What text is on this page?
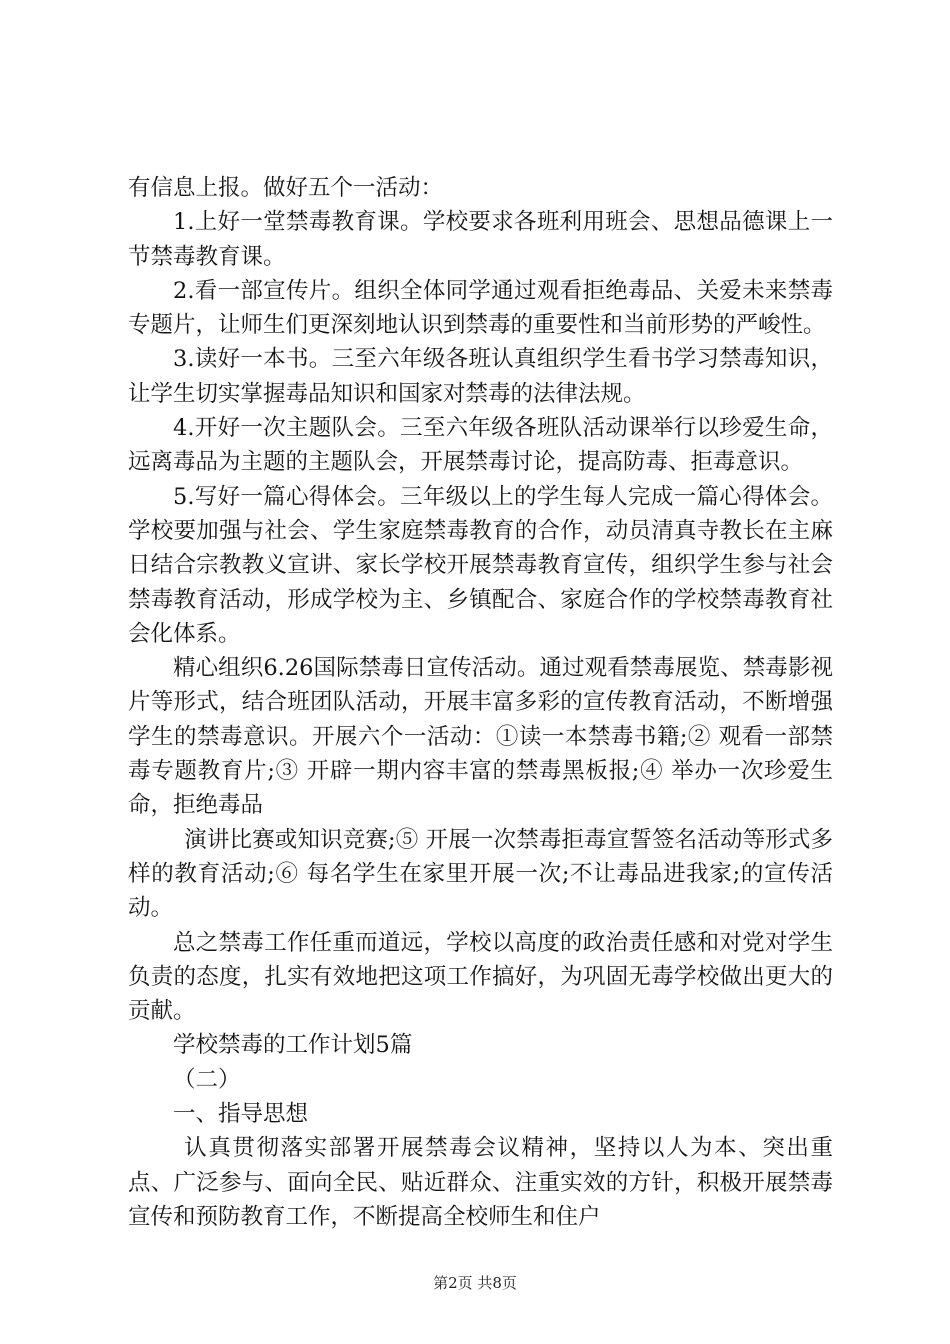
有信息上报。做好五个一活动：

1.上好一堂禁毒教育课。学校要求各班利用班会、思想品德课上一节禁毒教育课。

2.看一部宣传片。组织全体同学通过观看拒绝毒品、关爱未来禁毒专题片，让师生们更深刻地认识到禁毒的重要性和当前形势的严峻性。

3.读好一本书。三至六年级各班认真组织学生看书学习禁毒知识，让学生切实掌握毒品知识和国家对禁毒的法律法规。

4.开好一次主题队会。三至六年级各班队活动课举行以珍爱生命，远离毒品为主题的主题队会，开展禁毒讨论，提高防毒、拒毒意识。

5.写好一篇心得体会。三年级以上的学生每人完成一篇心得体会。学校要加强与社会、学生家庭禁毒教育的合作，动员清真寺教长在主麻日结合宗教教义宣讲、家长学校开展禁毒教育宣传，组织学生参与社会禁毒教育活动，形成学校为主、乡镇配合、家庭合作的学校禁毒教育社会化体系。

精心组织6.26国际禁毒日宣传活动。通过观看禁毒展览、禁毒影视片等形式，结合班团队活动，开展丰富多彩的宣传教育活动，不断增强学生的禁毒意识。开展六个一活动：①读一本禁毒书籍;② 观看一部禁毒专题教育片;③ 开辟一期内容丰富的禁毒黑板报;④ 举办一次珍爱生命，拒绝毒品

演讲比赛或知识竞赛;⑤ 开展一次禁毒拒毒宣誓签名活动等形式多样的教育活动;⑥ 每名学生在家里开展一次;不让毒品进我家;的宣传活动。

总之禁毒工作任重而道远，学校以高度的政治责任感和对党对学生负责的态度，扎实有效地把这项工作搞好，为巩固无毒学校做出更大的贡献。

学校禁毒的工作计划5篇

（二）

一、指导思想

认真贯彻落实部署开展禁毒会议精神，坚持以人为本、突出重点、广泛参与、面向全民、贴近群众、注重实效的方针，积极开展禁毒宣传和预防教育工作，不断提高全校师生和住户

第2页 共8页
